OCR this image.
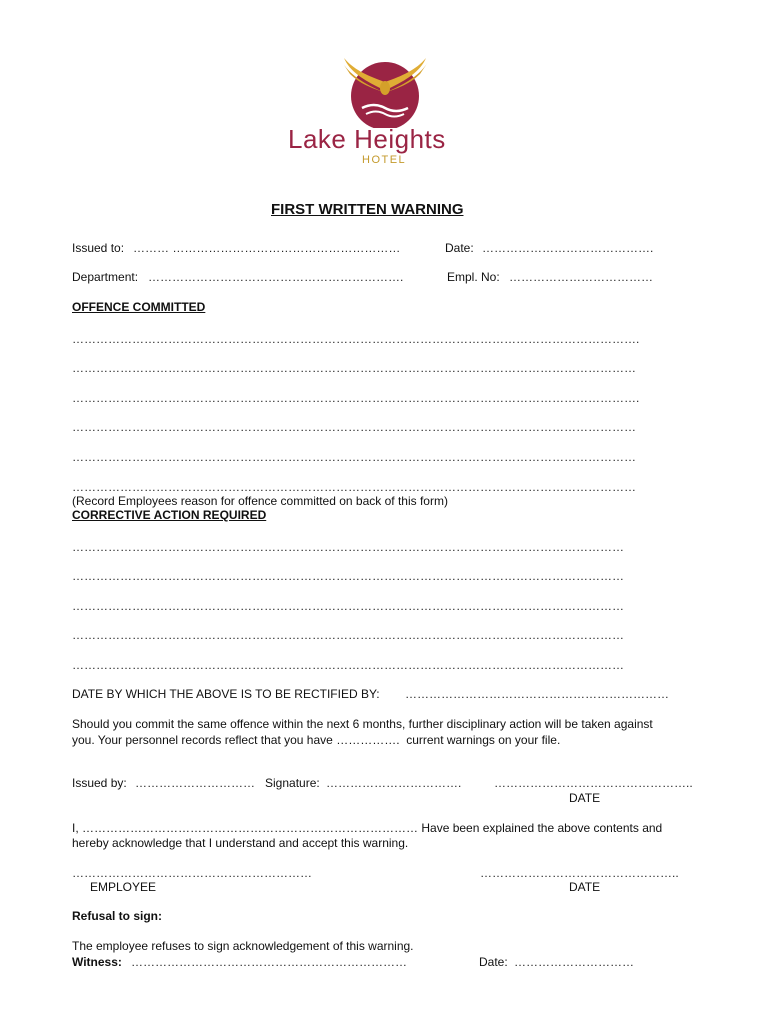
Lake Heights
HOTEL
FIRST WRITTEN WARNING
Issued to: ……… …………………………………………………	Date: …………………………………….
Department: ……………………………………………………….	Empl. No: ………………………………
OFFENCE COMMITTED
…………………………………………………………………………………………………………………………….
……………………………………………………………………………………………………………………………
…………………………………………………………………………………………………………………………….
……………………………………………………………………………………………………………………………
……………………………………………………………………………………………………………………………
……………………………………………………………………………………………………………………………
(Record Employees reason for offence committed on back of this form)
CORRECTIVE ACTION REQUIRED
…………………………………………………………………………………………………………………………
…………………………………………………………………………………………………………………………
…………………………………………………………………………………………………………………………
…………………………………………………………………………………………………………………………
…………………………………………………………………………………………………………………………
DATE BY WHICH THE ABOVE IS TO BE RECTIFIED BY: …………………………………………………………
Should you commit the same offence within the next 6 months, further disciplinary action will be taken against
you. Your personnel records reflect that you have ……………. current warnings on your file.
Issued by: ………………………… Signature: …………………………….	…………………………………………..
DATE
I, ………………………………………………………………………… Have been explained the above contents and
hereby acknowledge that I understand and accept this warning.
……………………………………………………
EMPLOYEE
…………………………………………..
DATE
Refusal to sign:
The employee refuses to sign acknowledgement of this warning.
Witness: ……………………………………………………………	Date: …………………………
